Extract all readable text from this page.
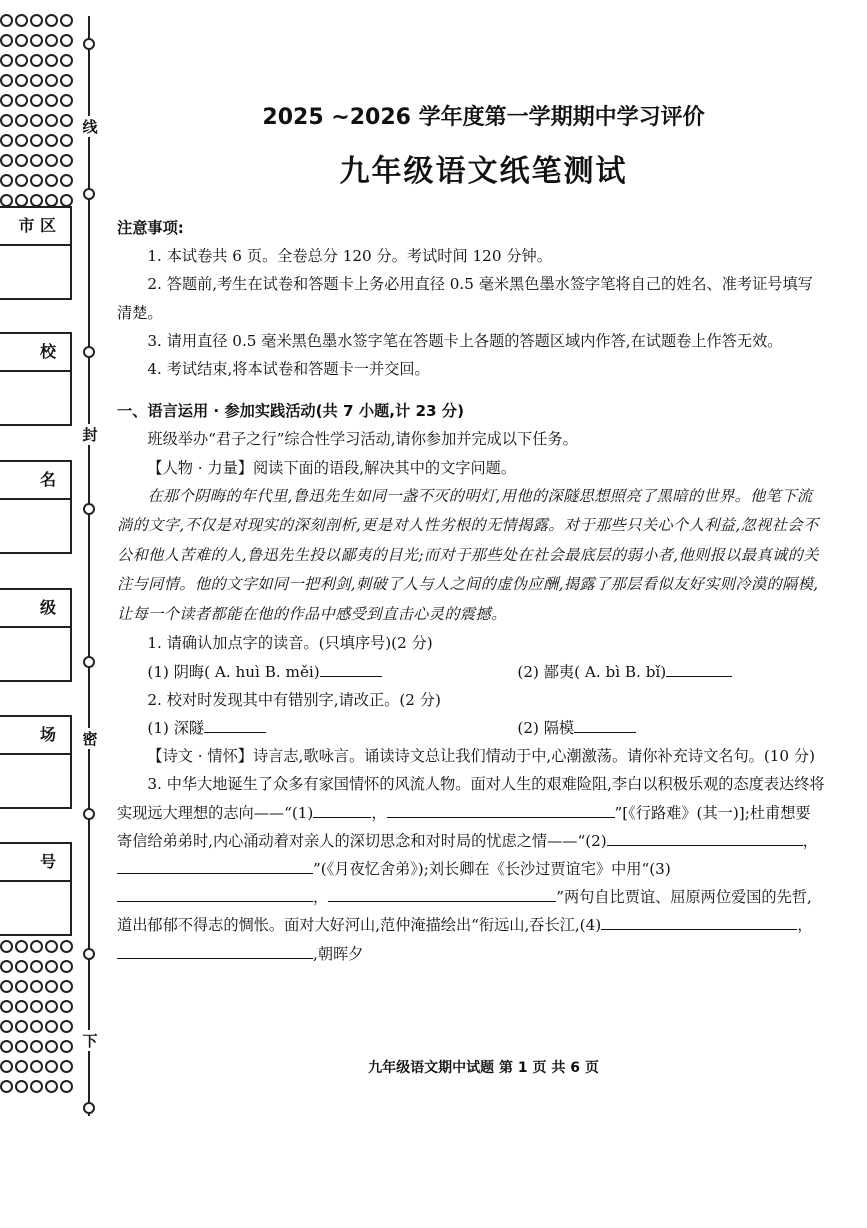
线
封
密
下
市 区
校
名
级
场
号
2025 ~2026 学年度第一学期期中学习评价
九年级语文纸笔测试

注意事项:

1. 本试卷共 6 页。全卷总分 120 分。考试时间 120 分钟。

2. 答题前,考生在试卷和答题卡上务必用直径 0.5 毫米黑色墨水签字笔将自己的姓名、准考证号填写清楚。

3. 请用直径 0.5 毫米黑色墨水签字笔在答题卡上各题的答题区域内作答,在试题卷上作答无效。

4. 考试结束,将本试卷和答题卡一并交回。

一、语言运用 · 参加实践活动(共 7 小题,计 23 分)

班级举办“君子之行”综合性学习活动,请你参加并完成以下任务。

【人物 · 力量】阅读下面的语段,解决其中的文字问题。

在那个阴晦的年代里,鲁迅先生如同一盏不灭的明灯,用他的深隧思想照亮了黑暗的世界。他笔下流淌的文字,不仅是对现实的深刻剖析,更是对人性劣根的无情揭露。对于那些只关心个人利益,忽视社会不公和他人苦难的人,鲁迅先生投以鄙夷的目光;而对于那些处在社会最底层的弱小者,他则报以最真诚的关注与同情。他的文字如同一把利剑,刺破了人与人之间的虚伪应酬,揭露了那层看似友好实则冷漠的隔模,让每一个读者都能在他的作品中感受到直击心灵的震撼。

1. 请确认加点字的读音。(只填序号)(2 分)

(1) 阴晦( A. huì B. měi)	(2) 鄙夷( A. bì B. bǐ)

2. 校对时发现其中有错别字,请改正。(2 分)

(1) 深隧	(2) 隔模

【诗文 · 情怀】诗言志,歌咏言。诵读诗文总让我们情动于中,心潮激荡。请你补充诗文名句。(10 分)

3. 中华大地诞生了众多有家国情怀的风流人物。面对人生的艰难险阻,李白以积极乐观的态度表达终将实现远大理想的志向——“(1)	，	”[《行路难》(其一)];杜甫想要寄信给弟弟时,内心涌动着对亲人的深切思念和对时局的忧虑之情——“(2)	，”(《月夜忆舍弟》);刘长卿在《长沙过贾谊宅》中用“(3)，	”两句自比贾谊、屈原两位爱国的先哲,道出郁郁不得志的惆怅。面对大好河山,范仲淹描绘出“衔远山,吞长江,(4)	，,朝晖夕

九年级语文期中试题 第 1 页 共 6 页
